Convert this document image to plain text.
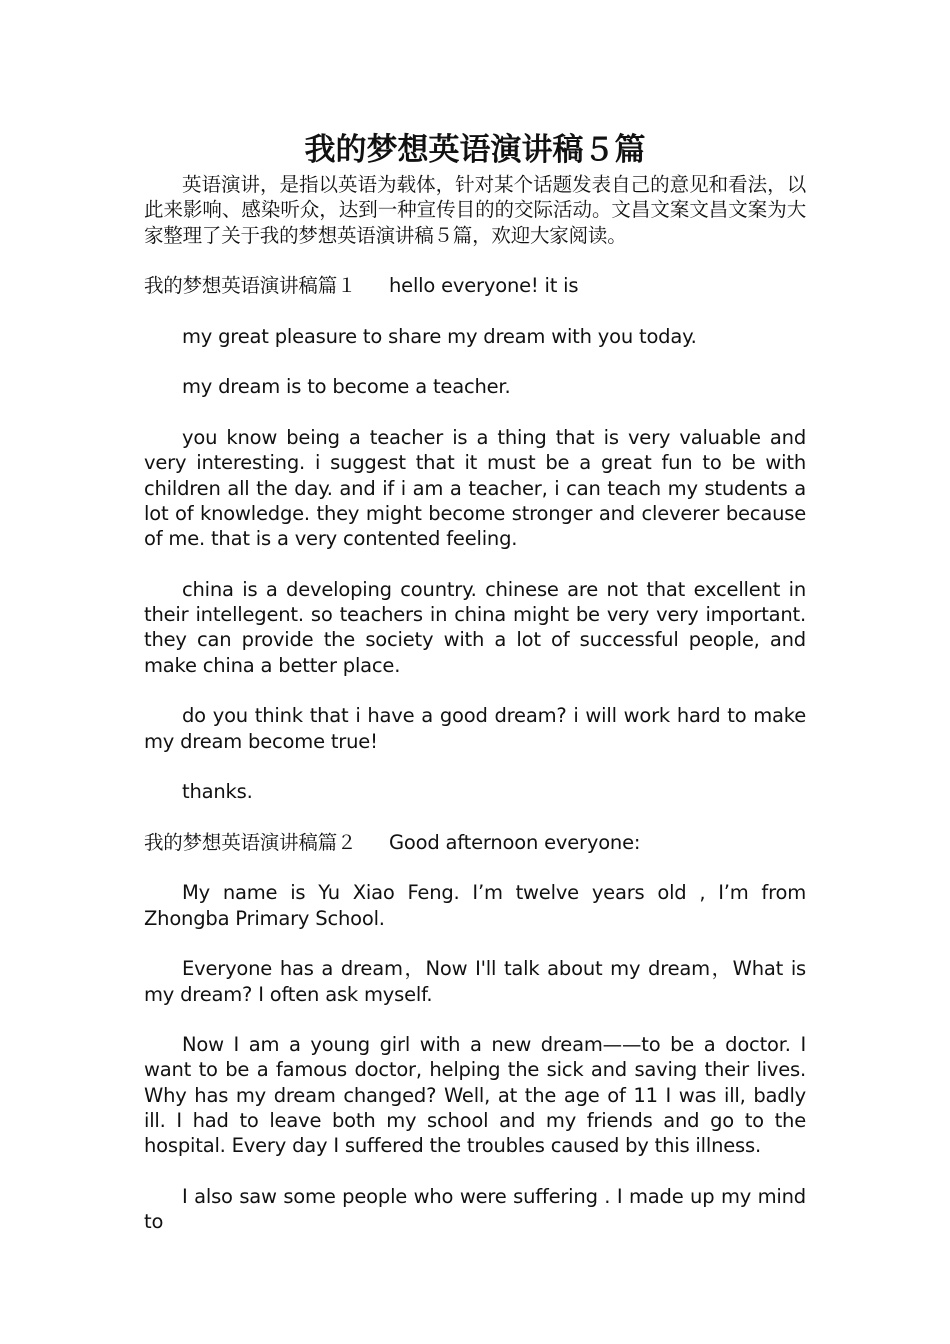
我的梦想英语演讲稿５篇

英语演讲，是指以英语为载体，针对某个话题发表自己的意见和看法，以此来影响、感染听众，达到一种宣传目的的交际活动。文昌文案文昌文案为大家整理了关于我的梦想英语演讲稿５篇，欢迎大家阅读。

我的梦想英语演讲稿篇１ hello everyone! it is

my great pleasure to share my dream with you today.

my dream is to become a teacher.

you know being a teacher is a thing that is very valuable and very interesting. i suggest that it must be a great fun to be with children all the day. and if i am a teacher, i can teach my students a lot of knowledge. they might become stronger and cleverer because of me. that is a very contented feeling.

china is a developing country. chinese are not that excellent in their intellegent. so teachers in china might be very very important. they can provide the society with a lot of successful people, and make china a better place.

do you think that i have a good dream? i will work hard to make my dream become true!

thanks.

我的梦想英语演讲稿篇２ Good afternoon everyone:

My name is Yu Xiao Feng. I’m twelve years old , I’m from Zhongba Primary School.

Everyone has a dream，Now I'll talk about my dream，What is my dream? I often ask myself.

Now I am a young girl with a new dream——to be a doctor. I want to be a famous doctor, helping the sick and saving their lives. Why has my dream changed? Well, at the age of 11 I was ill, badly ill. I had to leave both my school and my friends and go to the hospital. Every day I suffered the troubles caused by this illness.

I also saw some people who were suffering . I made up my mind to
